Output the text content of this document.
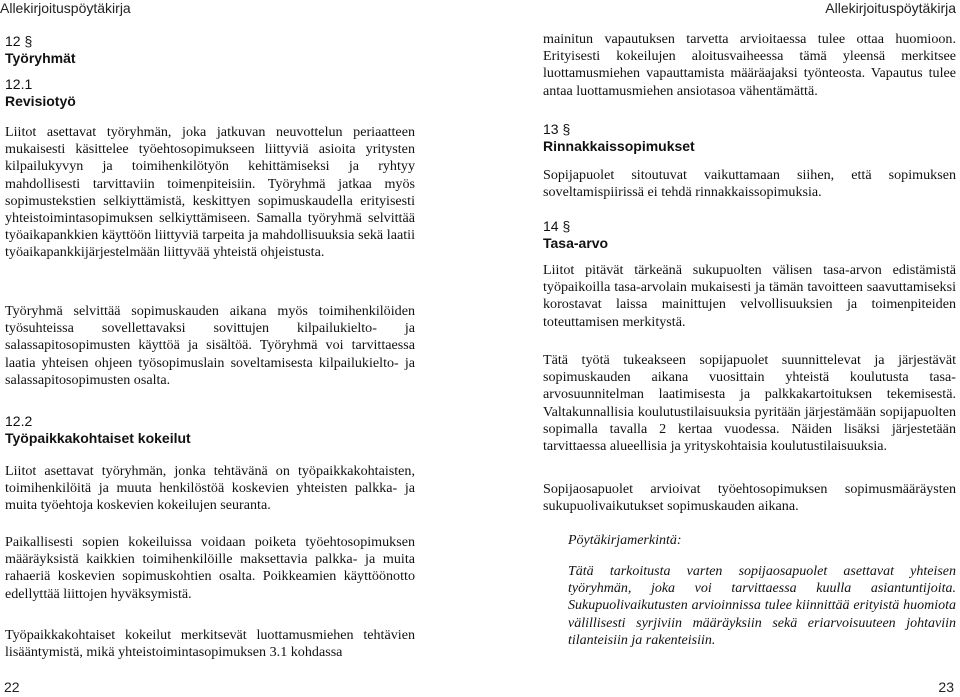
Allekirjoituspöytäkirja	Allekirjoituspöytäkirja
12 §
Työryhmät
12.1
Revisiotyö

Liitot asettavat työryhmän, joka jatkuvan neuvottelun periaatteen mukaisesti käsittelee työehtosopimukseen liittyviä asioita yritysten kilpailukyvyn ja toimihenkilötyön kehittämiseksi ja ryhtyy mahdollisesti tarvittaviin toimenpiteisiin. Työryhmä jatkaa myös sopimustekstien selkiyttämistä, keskittyen sopimuskaudella erityisesti yhteistoimintasopimuksen selkiyttämiseen. Samalla työryhmä selvittää työaikapankkien käyttöön liittyviä tarpeita ja mahdollisuuksia sekä laatii työaikapankkijärjestelmään liittyvää yhteistä ohjeistusta.

Työryhmä selvittää sopimuskauden aikana myös toimihenkilöiden työsuhteissa sovellettavaksi sovittujen kilpailukielto- ja salassapitosopimusten käyttöä ja sisältöä. Työryhmä voi tarvittaessa laatia yhteisen ohjeen työsopimuslain soveltamisesta kilpailukielto- ja salassapitosopimusten osalta.

12.2
Työpaikkakohtaiset kokeilut

Liitot asettavat työryhmän, jonka tehtävänä on työpaikkakohtaisten, toimihenkilöitä ja muuta henkilöstöä koskevien yhteisten palkka- ja muita työehtoja koskevien kokeilujen seuranta.

Paikallisesti sopien kokeiluissa voidaan poiketa työehtosopimuksen määräyksistä kaikkien toimihenkilöille maksettavia palkka- ja muita rahaeriä koskevien sopimuskohtien osalta. Poikkeamien käyttöönotto edellyttää liittojen hyväksymistä.

Työpaikkakohtaiset kokeilut merkitsevät luottamusmiehen tehtävien lisääntymistä, mikä yhteistoimintasopimuksen 3.1 kohdassa

mainitun vapautuksen tarvetta arvioitaessa tulee ottaa huomioon. Erityisesti kokeilujen aloitusvaiheessa tämä yleensä merkitsee luottamusmiehen vapauttamista määräajaksi työnteosta. Vapautus tulee antaa luottamusmiehen ansiotasoa vähentämättä.

13 §
Rinnakkaissopimukset

Sopijapuolet sitoutuvat vaikuttamaan siihen, että sopimuksen soveltamispiirissä ei tehdä rinnakkaissopimuksia.

14 §
Tasa-arvo

Liitot pitävät tärkeänä sukupuolten välisen tasa-arvon edistämistä työpaikoilla tasa-arvolain mukaisesti ja tämän tavoitteen saavuttamiseksi korostavat laissa mainittujen velvollisuuksien ja toimenpiteiden toteuttamisen merkitystä.

Tätä työtä tukeakseen sopijapuolet suunnittelevat ja järjestävät sopimuskauden aikana vuosittain yhteistä koulutusta tasa-arvosuunnitelman laatimisesta ja palkkakartoituksen tekemisestä. Valtakunnallisia koulutustilaisuuksia pyritään järjestämään sopijapuolten sopimalla tavalla 2 kertaa vuodessa. Näiden lisäksi järjestetään tarvittaessa alueellisia ja yrityskohtaisia koulutustilaisuuksia.

Sopijaosapuolet arvioivat työehtosopimuksen sopimusmääräysten sukupuolivaikutukset sopimuskauden aikana.

Pöytäkirjamerkintä:

Tätä tarkoitusta varten sopijaosapuolet asettavat yhteisen työryhmän, joka voi tarvittaessa kuulla asiantuntijoita. Sukupuolivaikutusten arvioinnissa tulee kiinnittää erityistä huomiota välillisesti syrjiviin määräyksiin sekä eriarvoisuuteen johtaviin tilanteisiin ja rakenteisiin.

22	23
